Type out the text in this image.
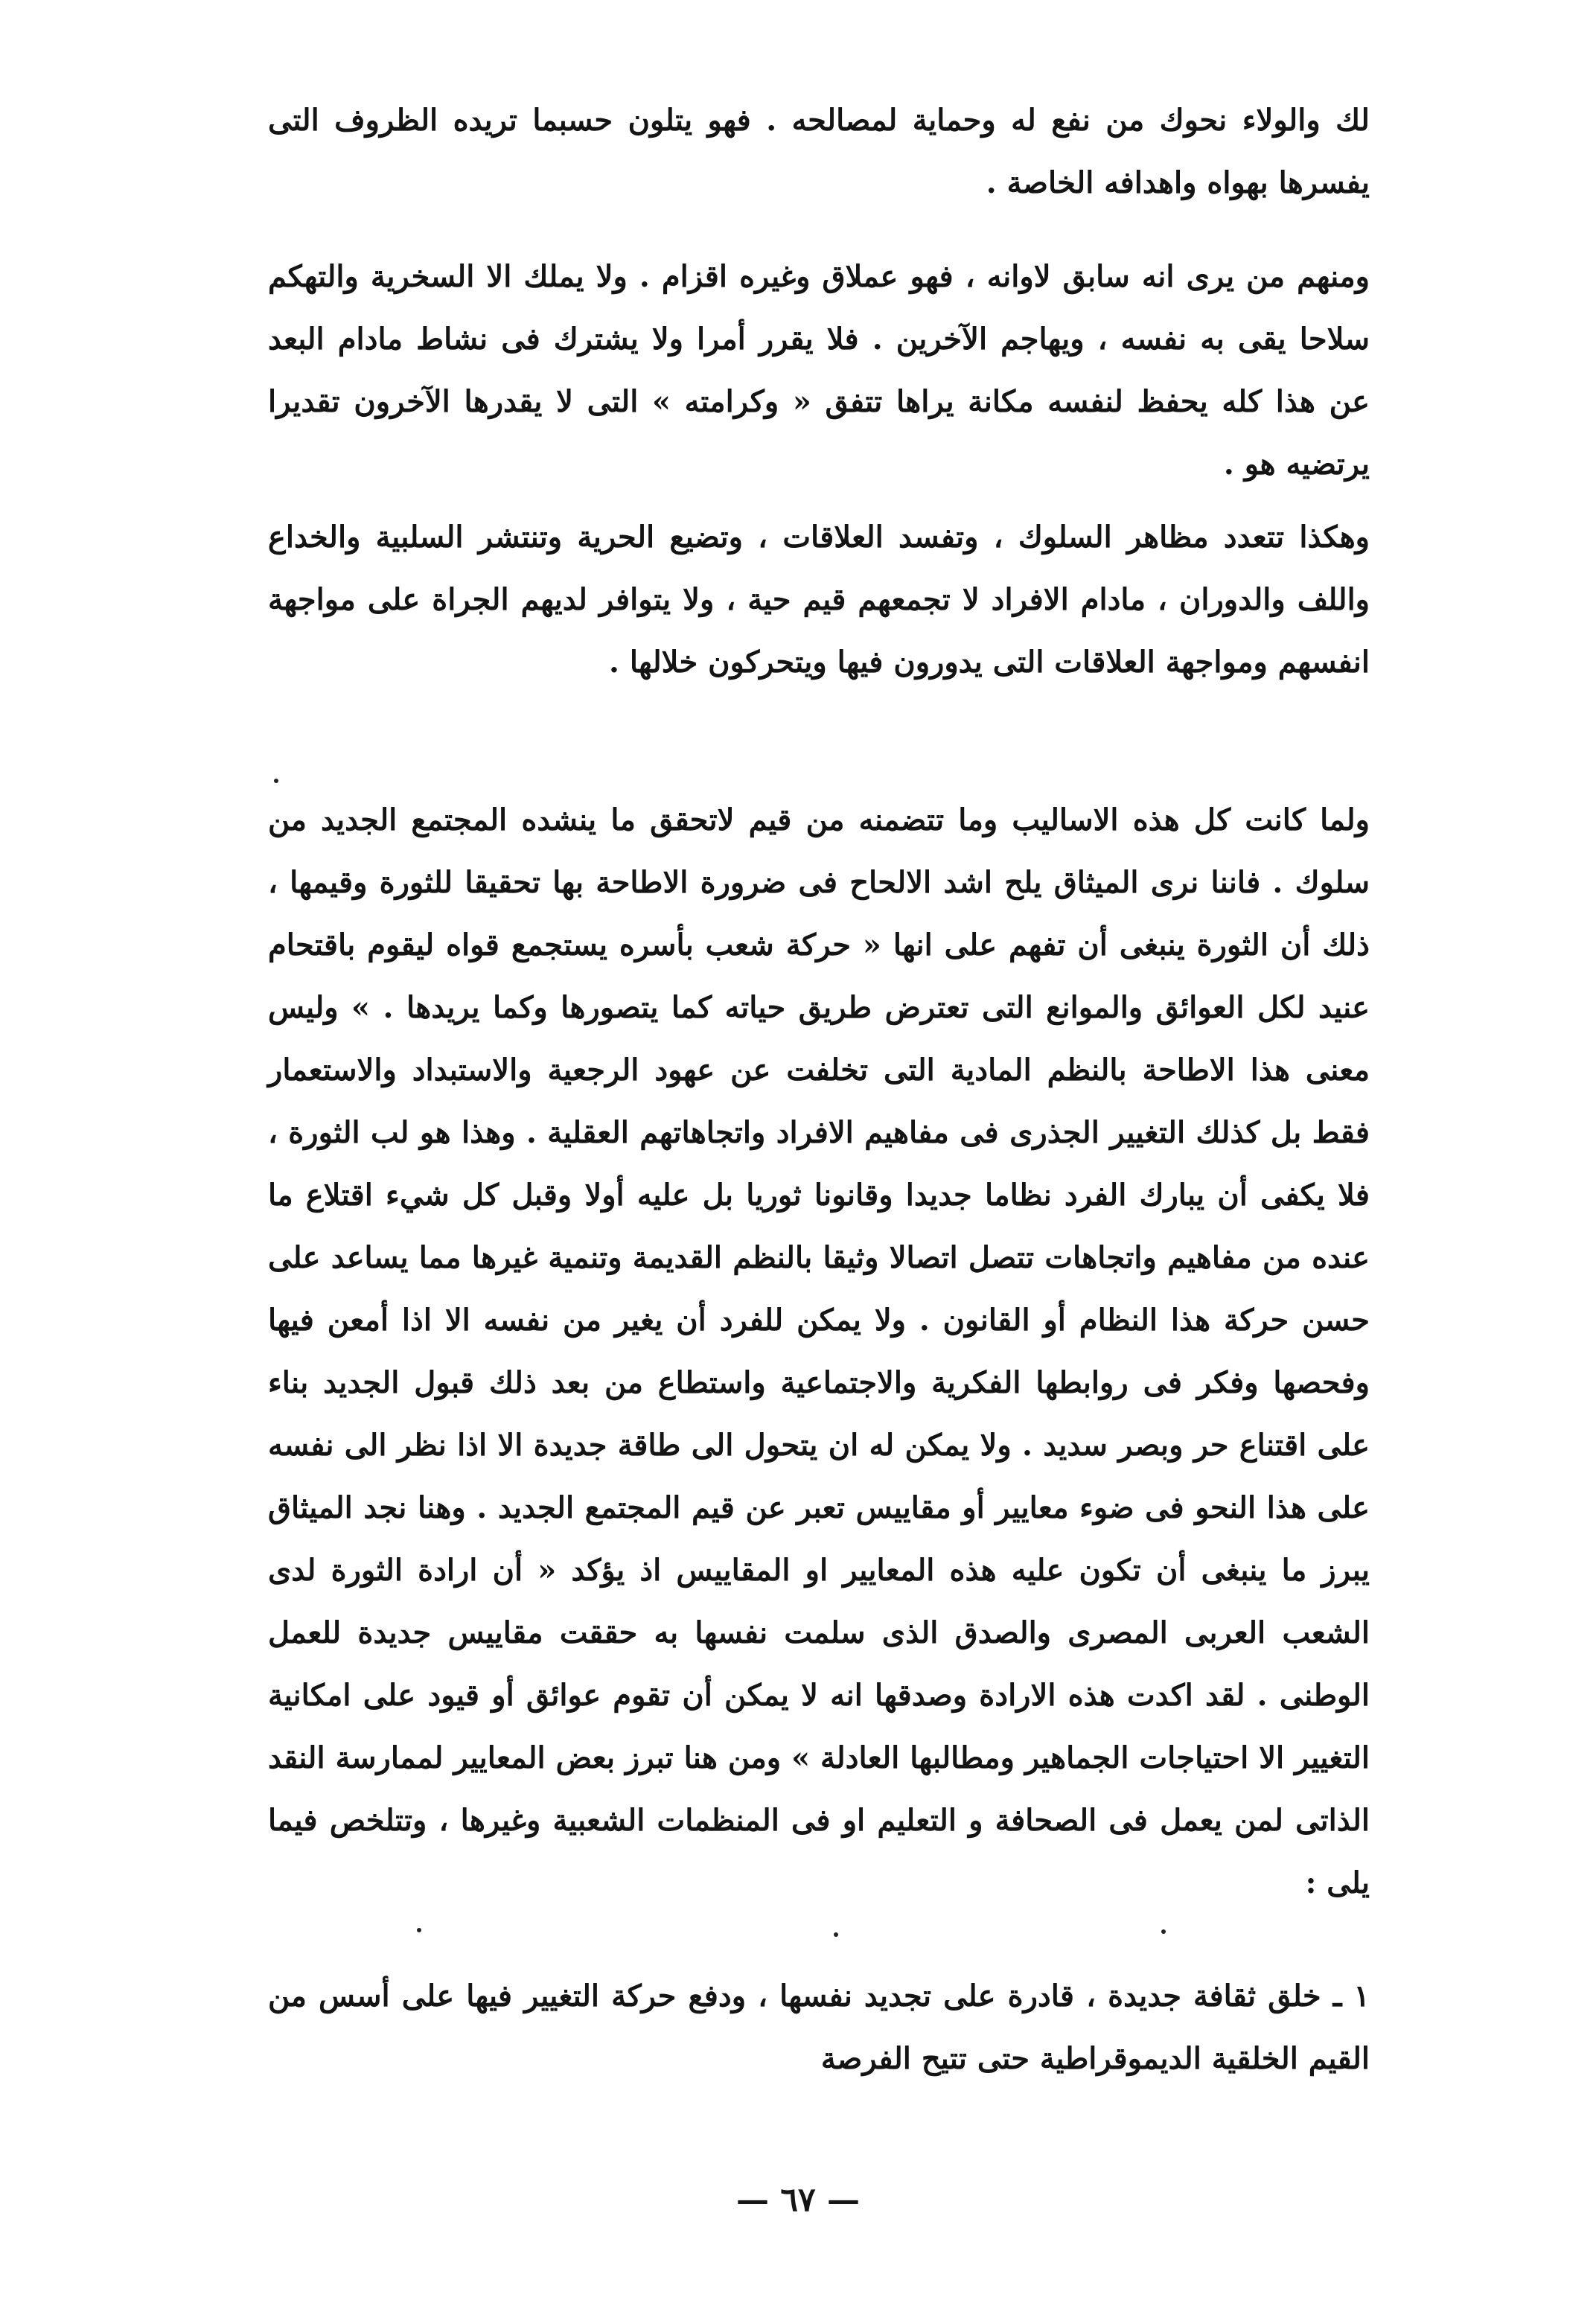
لك والولاء نحوك من نفع له وحماية لمصالحه . فهو يتلون حسبما تريده الظروف التى يفسرها بهواه واهدافه الخاصة .

ومنهم من يرى انه سابق لاوانه ، فهو عملاق وغيره اقزام . ولا يملك الا السخرية والتهكم سلاحا يقى به نفسه ، ويهاجم الآخرين . فلا يقرر أمرا ولا يشترك فى نشاط مادام البعد عن هذا كله يحفظ لنفسه مكانة يراها تتفق « وكرامته » التى لا يقدرها الآخرون تقديرا يرتضيه هو .

وهكذا تتعدد مظاهر السلوك ، وتفسد العلاقات ، وتضيع الحرية وتنتشر السلبية والخداع واللف والدوران ، مادام الافراد لا تجمعهم قيم حية ، ولا يتوافر لديهم الجراة على مواجهة انفسهم ومواجهة العلاقات التى يدورون فيها ويتحركون خلالها .

ولما كانت كل هذه الاساليب وما تتضمنه من قيم لاتحقق ما ينشده المجتمع الجديد من سلوك . فاننا نرى الميثاق يلح اشد الالحاح فى ضرورة الاطاحة بها تحقيقا للثورة وقيمها ، ذلك أن الثورة ينبغى أن تفهم على انها « حركة شعب بأسره يستجمع قواه ليقوم باقتحام عنيد لكل العوائق والموانع التى تعترض طريق حياته كما يتصورها وكما يريدها . » وليس معنى هذا الاطاحة بالنظم المادية التى تخلفت عن عهود الرجعية والاستبداد والاستعمار فقط بل كذلك التغيير الجذرى فى مفاهيم الافراد واتجاهاتهم العقلية . وهذا هو لب الثورة ، فلا يكفى أن يبارك الفرد نظاما جديدا وقانونا ثوريا بل عليه أولا وقبل كل شيء اقتلاع ما عنده من مفاهيم واتجاهات تتصل اتصالا وثيقا بالنظم القديمة وتنمية غيرها مما يساعد على حسن حركة هذا النظام أو القانون . ولا يمكن للفرد أن يغير من نفسه الا اذا أمعن فيها وفحصها وفكر فى روابطها الفكرية والاجتماعية واستطاع من بعد ذلك قبول الجديد بناء على اقتناع حر وبصر سديد . ولا يمكن له ان يتحول الى طاقة جديدة الا اذا نظر الى نفسه على هذا النحو فى ضوء معايير أو مقاييس تعبر عن قيم المجتمع الجديد . وهنا نجد الميثاق يبرز ما ينبغى أن تكون عليه هذه المعايير او المقاييس اذ يؤكد « أن ارادة الثورة لدى الشعب العربى المصرى والصدق الذى سلمت نفسها به حققت مقاييس جديدة للعمل الوطنى . لقد اكدت هذه الارادة وصدقها انه لا يمكن أن تقوم عوائق أو قيود على امكانية التغيير الا احتياجات الجماهير ومطالبها العادلة » ومن هنا تبرز بعض المعايير لممارسة النقد الذاتى لمن يعمل فى الصحافة و التعليم او فى المنظمات الشعبية وغيرها ، وتتلخص فيما يلى :

١ ـ خلق ثقافة جديدة ، قادرة على تجديد نفسها ، ودفع حركة التغيير فيها على أسس من القيم الخلقية الديموقراطية حتى تتيح الفرصة

— ٦٧ —
